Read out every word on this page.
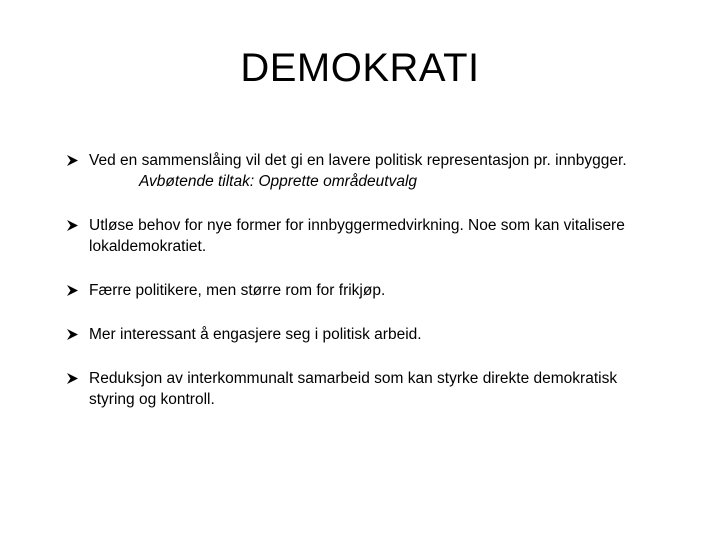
DEMOKRATI
Ved en sammenslåing vil det gi en lavere politisk representasjon pr. innbygger.
Avbøtende tiltak: Opprette områdeutvalg
Utløse behov for nye former for innbyggermedvirkning. Noe som kan vitalisere lokaldemokratiet.
Færre politikere, men større rom for frikjøp.
Mer interessant å engasjere seg i politisk arbeid.
Reduksjon av interkommunalt samarbeid som kan styrke direkte demokratisk styring og kontroll.
